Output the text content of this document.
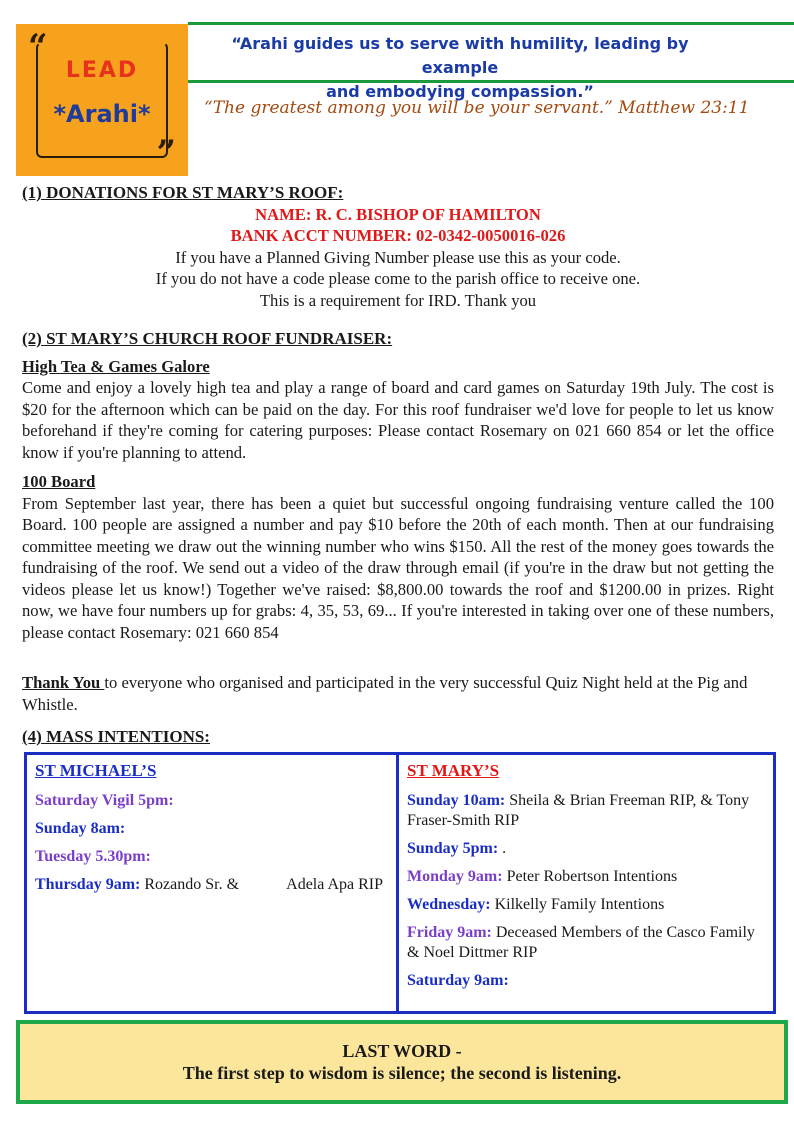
“
LEAD
*Arahi*
”
“Arahi guides us to serve with humility, leading by example
and embodying compassion.”
“The greatest among you will be your servant.” Matthew 23:11
(1) DONATIONS FOR ST MARY’S ROOF:
NAME: R. C. BISHOP OF HAMILTON
BANK ACCT NUMBER: 02-0342-0050016-026
If you have a Planned Giving Number please use this as your code.
If you do not have a code please come to the parish office to receive one.
This is a requirement for IRD. Thank you
(2) ST MARY’S CHURCH ROOF FUNDRAISER:
High Tea & Games Galore
Come and enjoy a lovely high tea and play a range of board and card games on Saturday 19th July. The cost is $20 for the afternoon which can be paid on the day. For this roof fundraiser we'd love for people to let us know beforehand if they're coming for catering purposes: Please contact Rosemary on 021 660 854 or let the office know if you're planning to attend.
100 Board
From September last year, there has been a quiet but successful ongoing fundraising venture called the 100 Board. 100 people are assigned a number and pay $10 before the 20th of each month. Then at our fundraising committee meeting we draw out the winning number who wins $150. All the rest of the money goes towards the fundraising of the roof. We send out a video of the draw through email (if you're in the draw but not getting the videos please let us know!) Together we've raised: $8,800.00 towards the roof and $1200.00 in prizes. Right now, we have four numbers up for grabs: 4, 35, 53, 69... If you're interested in taking over one of these numbers, please contact Rosemary: 021 660 854
Thank You to everyone who organised and participated in the very successful Quiz Night held at the Pig and Whistle.
(4) MASS INTENTIONS:
ST MICHAEL’S
Saturday Vigil 5pm:
Sunday 8am:
Tuesday 5.30pm:
Thursday 9am: Rozando Sr. &            Adela Apa RIP
ST MARY’S
Sunday 10am: Sheila & Brian Freeman RIP, & Tony Fraser-Smith RIP
Sunday 5pm: .
Monday 9am: Peter Robertson Intentions
Wednesday: Kilkelly Family Intentions
Friday 9am: Deceased Members of the Casco Family & Noel Dittmer RIP
Saturday 9am:
LAST WORD -
The first step to wisdom is silence; the second is listening.
